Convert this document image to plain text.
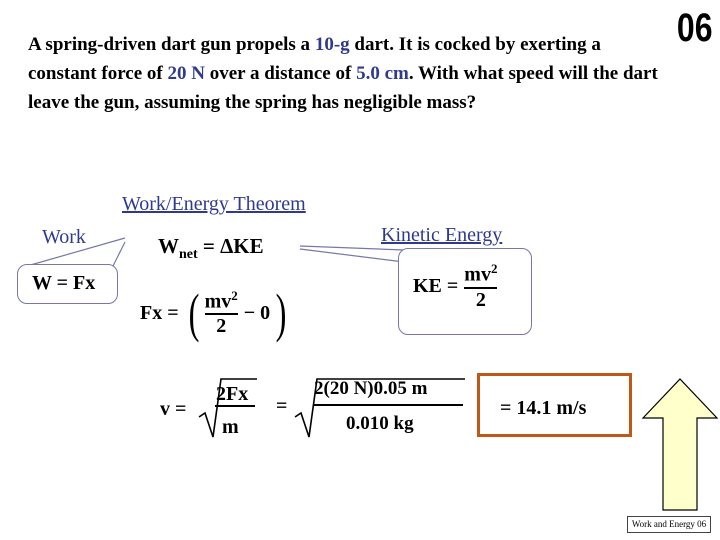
A spring-driven dart gun propels a 10-g dart. It is cocked by exerting a constant force of 20 N over a distance of 5.0 cm. With what speed will the dart leave the gun, assuming the spring has negligible mass?
06
Work/Energy Theorem
Work	Kinetic Energy
$W_{net} = \Delta KE$
W = Fx	KE = $\frac{mv^2}{2}$
Fx = ( $\frac{mv^2}{2} - 0$ )
v =
2Fx
m
=
2(20 N)0.05 m
0.010 kg
= 14.1 m/s
Work and Energy 06
